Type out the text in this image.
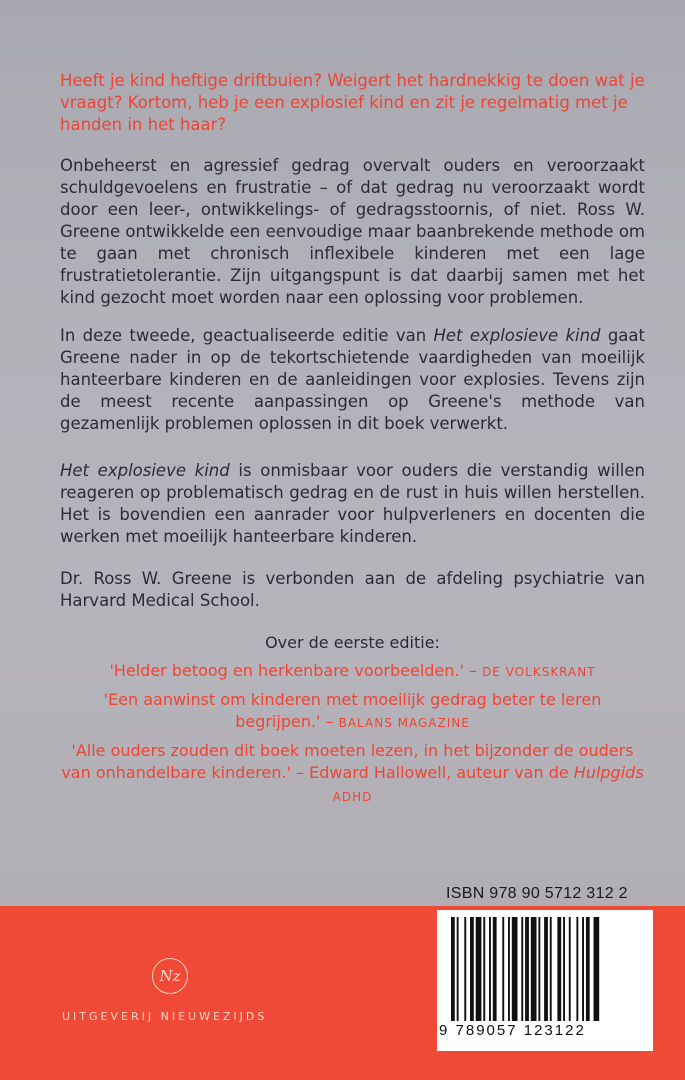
Heeft je kind heftige driftbuien? Weigert het hardnekkig te doen wat je vraagt? Kortom, heb je een explosief kind en zit je regelmatig met je handen in het haar?
Onbeheerst en agressief gedrag overvalt ouders en veroorzaakt schuldgevoelens en frustratie – of dat gedrag nu veroorzaakt wordt door een leer-, ontwikkelings- of gedragsstoornis, of niet. Ross W. Greene ontwikkelde een eenvoudige maar baanbrekende methode om te gaan met chronisch inflexibele kinderen met een lage frustratietolerantie. Zijn uitgangspunt is dat daarbij samen met het kind gezocht moet worden naar een oplossing voor problemen.
In deze tweede, geactualiseerde editie van Het explosieve kind gaat Greene nader in op de tekortschietende vaardigheden van moeilijk hanteerbare kinderen en de aanleidingen voor explosies. Tevens zijn de meest recente aanpassingen op Greene's methode van gezamenlijk problemen oplossen in dit boek verwerkt.
Het explosieve kind is onmisbaar voor ouders die verstandig willen reageren op problematisch gedrag en de rust in huis willen herstellen. Het is bovendien een aanrader voor hulpverleners en docenten die werken met moeilijk hanteerbare kinderen.
Dr. Ross W. Greene is verbonden aan de afdeling psychiatrie van Harvard Medical School.
Over de eerste editie:
'Helder betoog en herkenbare voorbeelden.' – DE VOLKSKRANT
'Een aanwinst om kinderen met moeilijk gedrag beter te leren begrijpen.' – BALANS MAGAZINE
'Alle ouders zouden dit boek moeten lezen, in het bijzonder de ouders van onhandelbare kinderen.' – Edward Hallowell, auteur van de Hulpgids ADHD
Nz
UITGEVERIJ NIEUWEZIJDS
ISBN 978 90 5712 312 2
9 789057 123122
